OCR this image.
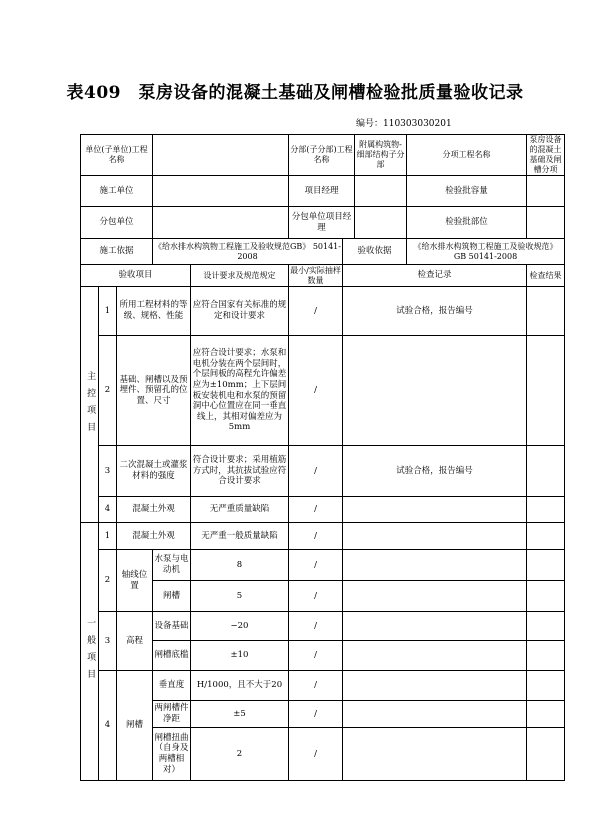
表409　泵房设备的混凝土基础及闸槽检验批质量验收记录
编号：110303030201
单位(子单位)工程名称					分部(子分部)工程名称		附属构筑物-细部结构子分部	分项工程名称	泵房设备的混凝土基础及闸槽分项
施工单位					项目经理			检验批容量	
分包单位					分包单位项目经理			检验批部位	
施工依据			《给水排水构筑物工程施工及验收规范GB》 50141-2008			验收依据		《给水排水构筑物工程施工及验收规范》GB 50141-2008	
验收项目				设计要求及规范规定	最小/实际抽样数量	检查记录			检查结果
主控项目	1	所用工程材料的等级、规格、性能		应符合国家有关标准的规定和设计要求	/	试验合格，报告编号			
	2	基础、闸槽以及预埋件、预留孔的位置、尺寸		应符合设计要求；水泵和电机分装在两个层间时，个层间板的高程允许偏差应为±10mm；上下层间板安装机电和水泵的预留洞中心位置应在同一垂直线上，其相对偏差应为5mm	/				
	3	二次混凝土或灌浆材料的强度		符合设计要求；采用植筋方式时，其抗拔试验应符合设计要求	/	试验合格，报告编号			
	4	混凝土外观		无严重质量缺陷	/				
一般项目	1	混凝土外观		无严重一般质量缺陷	/				
	2	轴线位置	水泵与电动机	8	/				
			闸槽	5	/				
	3	高程	设备基础	−20	/				
			闸槽底槛	±10	/				
	4	闸槽	垂直度	H/1000，且不大于20	/				
			两闸槽件净距	±5	/				
			闸槽扭曲（自身及两槽相对）	2	/				
